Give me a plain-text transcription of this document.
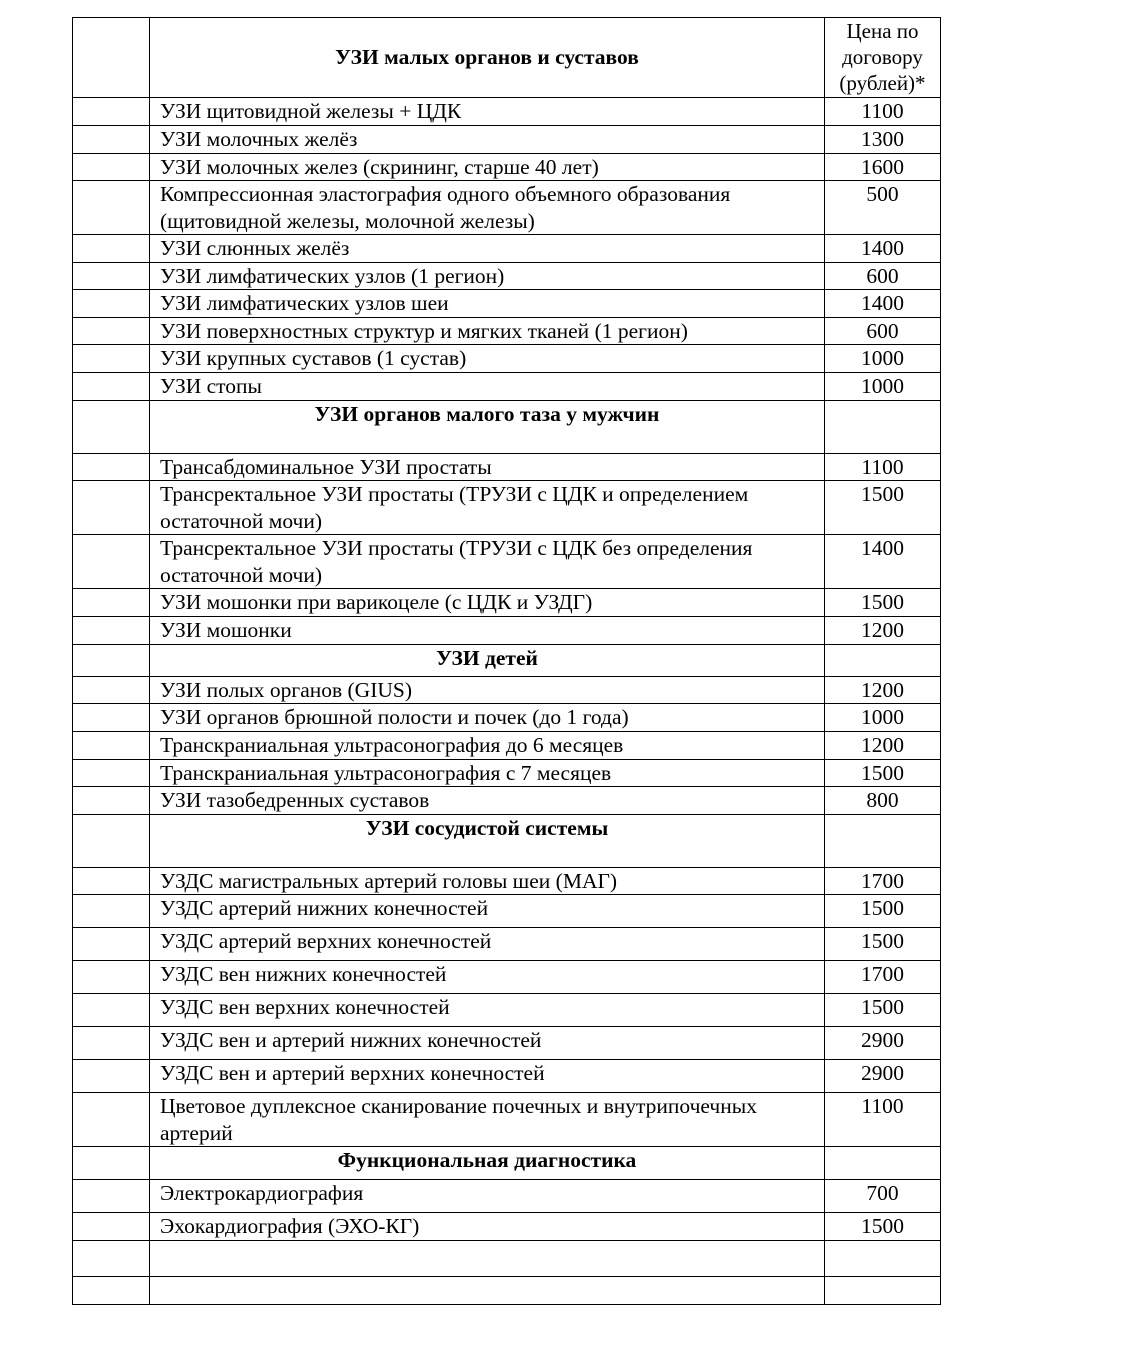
	УЗИ малых органов и суставов	Цена по договору (рублей)*
	УЗИ щитовидной железы + ЦДК	1100
	УЗИ молочных желёз	1300
	УЗИ молочных желез (скрининг, старше 40 лет)	1600
	Компрессионная эластография одного объемного образования (щитовидной железы, молочной железы)	500
	УЗИ слюнных желёз	1400
	УЗИ лимфатических узлов (1 регион)	600
	УЗИ лимфатических узлов шеи	1400
	УЗИ поверхностных структур и мягких тканей (1 регион)	600
	УЗИ крупных суставов (1 сустав)	1000
	УЗИ стопы	1000
	УЗИ органов малого таза у мужчин	
	Трансабдоминальное УЗИ простаты	1100
	Трансректальное УЗИ простаты (ТРУЗИ с ЦДК и определением остаточной мочи)	1500
	Трансректальное УЗИ простаты (ТРУЗИ с ЦДК без определения остаточной мочи)	1400
	УЗИ мошонки при варикоцеле (с ЦДК и УЗДГ)	1500
	УЗИ мошонки	1200
	УЗИ детей	
	УЗИ полых органов (GIUS)	1200
	УЗИ органов брюшной полости и почек (до 1 года)	1000
	Транскраниальная ультрасонография до 6 месяцев	1200
	Транскраниальная ультрасонография с 7 месяцев	1500
	УЗИ тазобедренных суставов	800
	УЗИ сосудистой системы	
	УЗДС магистральных артерий головы шеи (МАГ)	1700
	УЗДС артерий нижних конечностей	1500
	УЗДС артерий верхних конечностей	1500
	УЗДС вен нижних конечностей	1700
	УЗДС вен верхних конечностей	1500
	УЗДС вен и артерий нижних конечностей	2900
	УЗДС вен и артерий верхних конечностей	2900
	Цветовое дуплексное сканирование почечных и внутрипочечных артерий	1100
	Функциональная диагностика	
	Электрокардиография	700
	Эхокардиография (ЭХО-КГ)	1500
